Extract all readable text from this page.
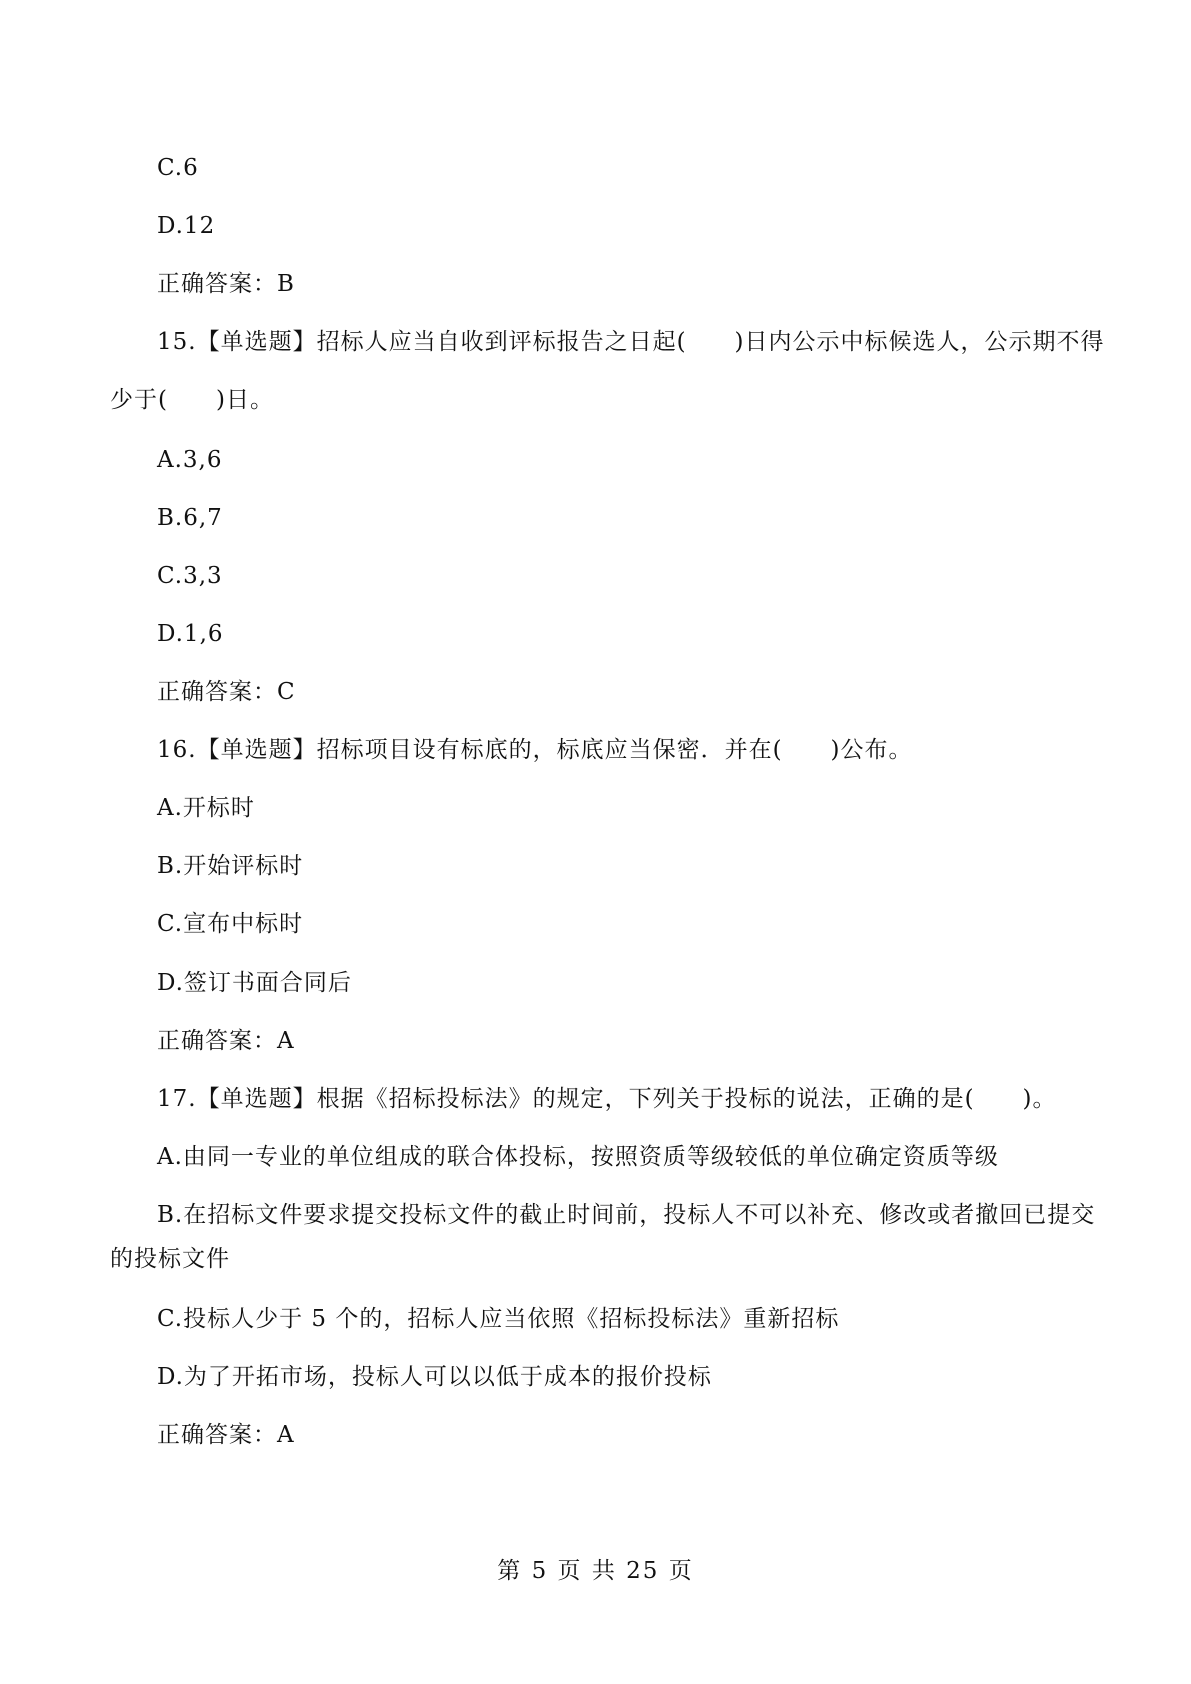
C.6
D.12
正确答案：B
15.【单选题】招标人应当自收到评标报告之日起(　　)日内公示中标候选人，公示期不得
少于(　　)日。
A.3,6
B.6,7
C.3,3
D.1,6
正确答案：C
16.【单选题】招标项目设有标底的，标底应当保密．并在(　　)公布。
A.开标时
B.开始评标时
C.宣布中标时
D.签订书面合同后
正确答案：A
17.【单选题】根据《招标投标法》的规定，下列关于投标的说法，正确的是(　　)。
A.由同一专业的单位组成的联合体投标，按照资质等级较低的单位确定资质等级
B.在招标文件要求提交投标文件的截止时间前，投标人不可以补充、修改或者撤回已提交
的投标文件
C.投标人少于 5 个的，招标人应当依照《招标投标法》重新招标
D.为了开拓市场，投标人可以以低于成本的报价投标
正确答案：A
第 5 页 共 25 页
